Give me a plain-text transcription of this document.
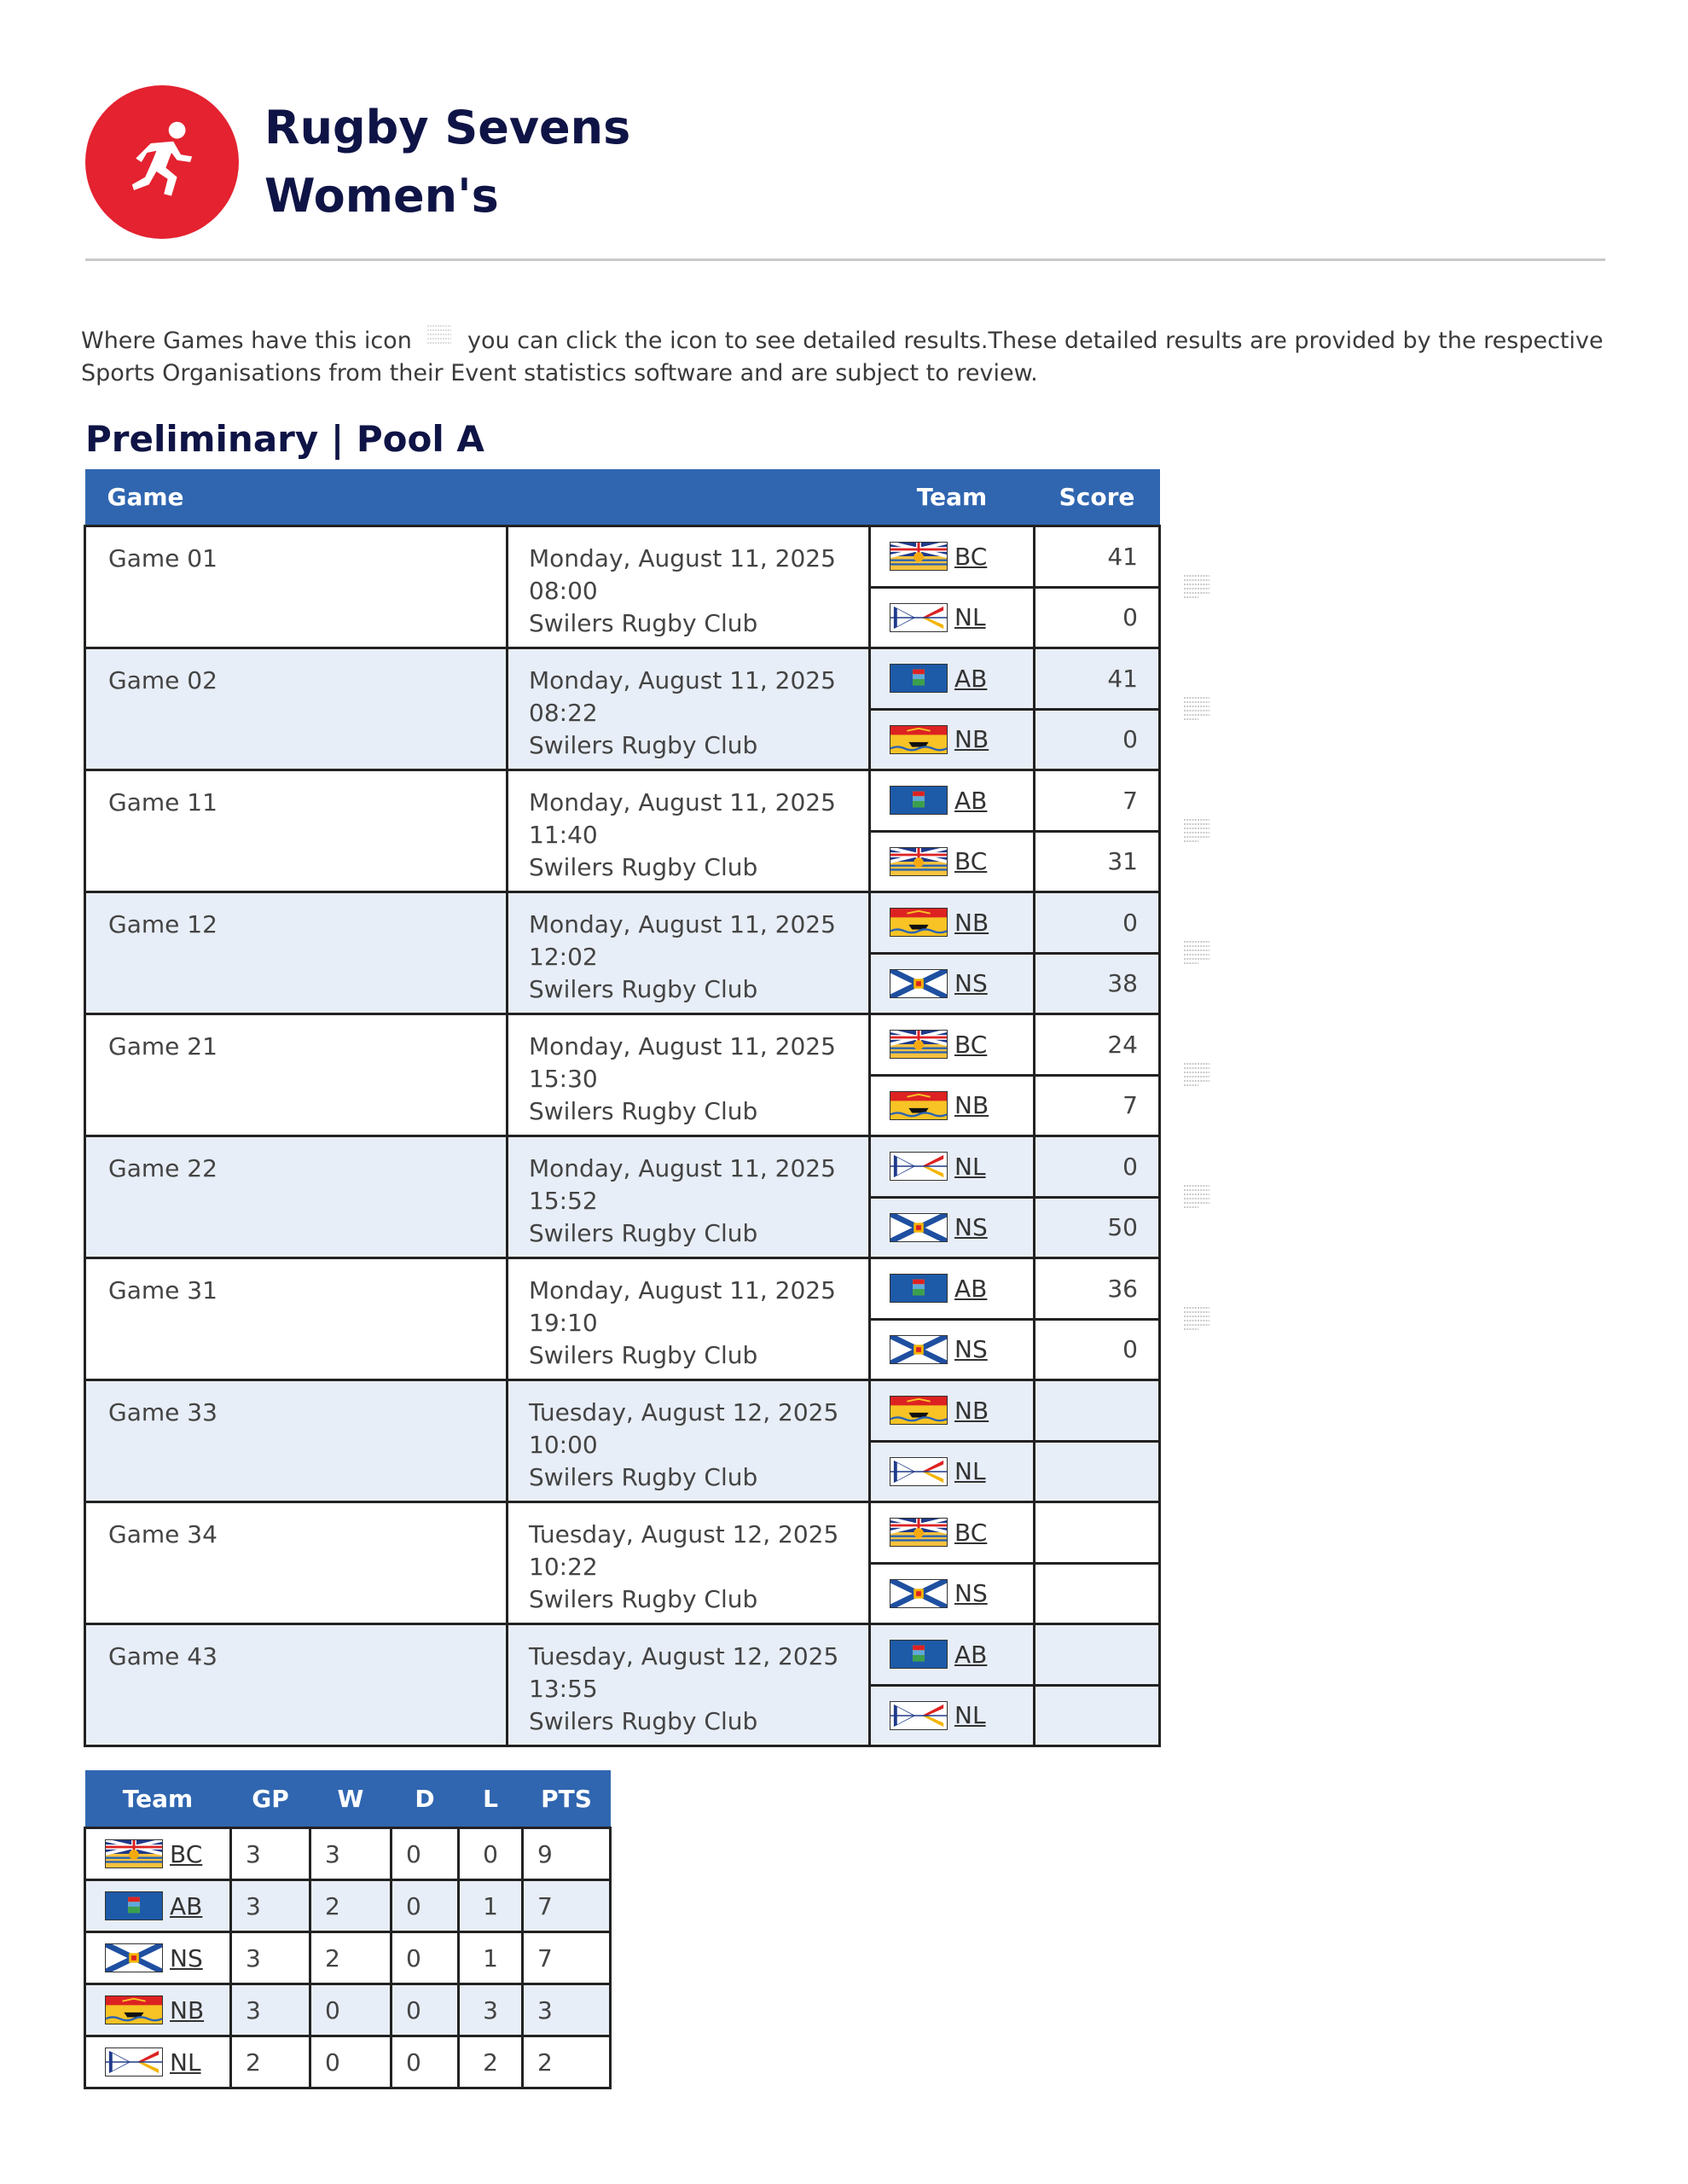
Rugby Sevens
Women's
Where Games have this icon you can click the icon to see detailed results.These detailed results are provided by the respective Sports Organisations from their Event statistics software and are subject to review.
Preliminary | Pool A
Game		Team	Score
Game 01	Monday, August 11, 2025
08:00
Swilers Rugby Club	BC	41

		NL	0
Game 02	Monday, August 11, 2025
08:22
Swilers Rugby Club	AB	41

		NB	0
Game 11	Monday, August 11, 2025
11:40
Swilers Rugby Club	AB	7

		BC	31
Game 12	Monday, August 11, 2025
12:02
Swilers Rugby Club	NB	0

		NS	38
Game 21	Monday, August 11, 2025
15:30
Swilers Rugby Club	BC	24

		NB	7
Game 22	Monday, August 11, 2025
15:52
Swilers Rugby Club	NL	0

		NS	50
Game 31	Monday, August 11, 2025
19:10
Swilers Rugby Club	AB	36

		NS	0
Game 33	Tuesday, August 12, 2025
10:00
Swilers Rugby Club	NB	

		NL	

Game 34	Tuesday, August 12, 2025
10:22
Swilers Rugby Club	BC	

		NS	

Game 43	Tuesday, August 12, 2025
13:55
Swilers Rugby Club	AB	

		NL	

Team	GP	W	D	L	PTS

BC	3	3	0	0	9

AB	3	2	0	1	7

NS	3	2	0	1	7

NB	3	0	0	3	3

NL	2	0	0	2	2
